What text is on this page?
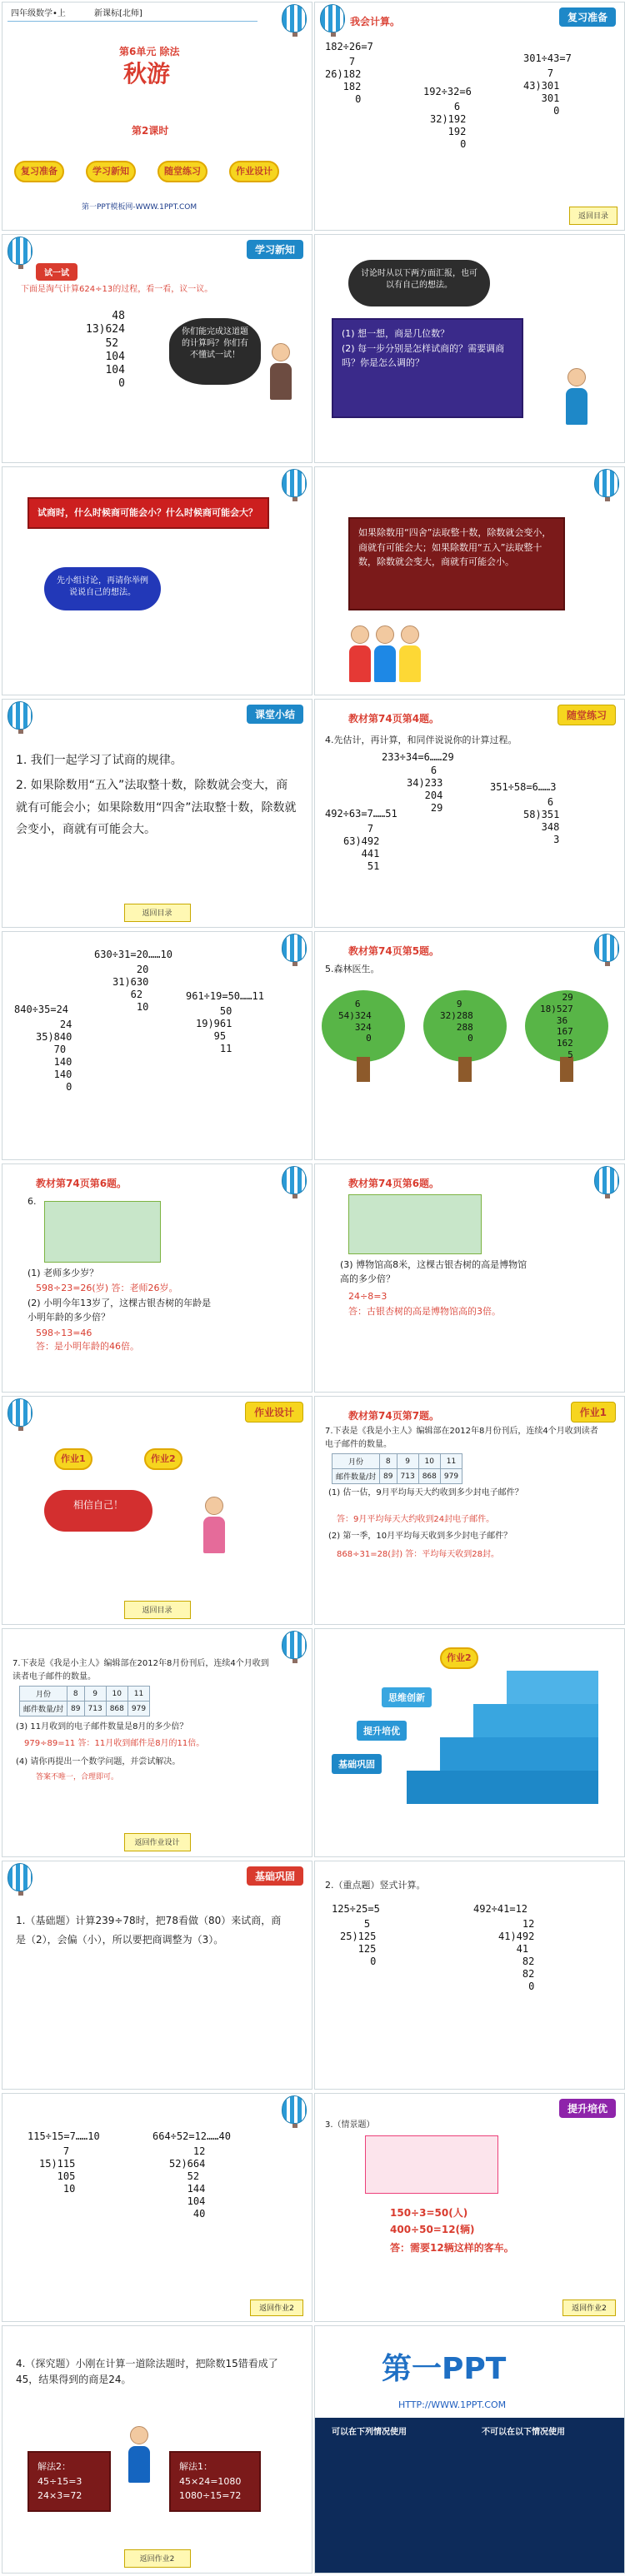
四年级数学•上	新课标[北师]
第6单元 除法
秋游
第2课时
复习准备	学习新知	随堂练习	作业设计
第一PPT模板网-WWW.1PPT.COM
复习准备
我会计算。
182÷26=7
301÷43=7
7
26)182
182
0
192÷32=6
7
43)301
301
0
6
32)192
192
0
返回目录
学习新知
试一试
下面是淘气计算624÷13的过程，看一看，议一议。
48
13)624
52
104
104
0
你们能完成这道题的计算吗？你们有不懂试一试！
讨论时从以下两方面汇报，也可以有自己的想法。
(1) 想一想，商是几位数？
(2) 每一步分别是怎样试商的？需要调商吗？你是怎么调的？
试商时，什么时候商可能会小？什么时候商可能会大？
先小组讨论，再请你举例说说自己的想法。
如果除数用“四舍”法取整十数，除数就会变小，商就有可能会大；如果除数用“五入”法取整十数，除数就会变大，商就有可能会小。
课堂小结
1. 我们一起学习了试商的规律。
2. 如果除数用“五入”法取整十数，除数就会变大，商就有可能会小；如果除数用“四舍”法取整十数，除数就会变小，商就有可能会大。
返回目录
随堂练习
教材第74页第4题。
4.先估计，再计算，和同伴说说你的计算过程。
233÷34=6……29
6
34)233
204
29
351÷58=6……3
6
58)351
348
3
492÷63=7……51
7
63)492
441
51
630÷31=20……10
20
31)630
62
10
961÷19=50……11
50
19)961
95
11
840÷35=24
24
35)840
70
140
140
0
教材第74页第5题。
5.森林医生。
6
54)324
324
0
9
32)288
288
0
29
18)527
36
167
162
5
教材第74页第6题。
6.
(1) 老师多少岁？
598÷23=26(岁) 答：老师26岁。
(2) 小明今年13岁了，这棵古银杏树的年龄是小明年龄的多少倍？
598÷13=46
答：是小明年龄的46倍。
教材第74页第6题。
(3) 博物馆高8米，这棵古银杏树的高是博物馆高的多少倍？
24÷8=3
答：古银杏树的高是博物馆高的3倍。
作业设计
作业1	作业2
相信自己！
返回目录
作业1
教材第74页第7题。
7.下表是《我是小主人》编辑部在2012年8月份刊后，连续4个月收到读者电子邮件的数量。
月份	8	9	10	11
邮件数量/封	89	713	868	979
(1) 估一估，9月平均每天大约收到多少封电子邮件？
答：9月平均每天大约收到24封电子邮件。
(2) 第一季，10月平均每天收到多少封电子邮件？
868÷31=28(封) 答：平均每天收到28封。
7.下表是《我是小主人》编辑部在2012年8月份刊后，连续4个月收到读者电子邮件的数量。
月份	8	9	10	11
邮件数量/封	89	713	868	979
(3) 11月收到的电子邮件数量是8月的多少倍？
979÷89=11 答：11月收到邮件是8月的11倍。
(4) 请你再提出一个数学问题，并尝试解决。
答案不唯一，合理即可。
返回作业设计
作业2
基础巩固
提升培优
思维创新
基础巩固
1.（基础题）计算239÷78时，把78看做（80）来试商，商是（2），会偏（小），所以要把商调整为（3）。
2.（重点题）竖式计算。
125÷25=5
5
25)125
125
0
492÷41=12
12
41)492
41
82
82
0
115÷15=7……10
7
15)115
105
10
664÷52=12……40
12
52)664
52
144
104
40
返回作业2
提升培优
3.（情景题）
150÷3=50(人)
400÷50=12(辆)
答：需要12辆这样的客车。
返回作业2
4.（探究题）小刚在计算一道除法题时，把除数15错看成了45，结果得到的商是24。
解法2：
45÷15=3
24×3=72
解法1：
45×24=1080
1080÷15=72
返回作业2
第一PPT
HTTP://WWW.1PPT.COM
可以在下列情况使用	不可以在以下情况使用
